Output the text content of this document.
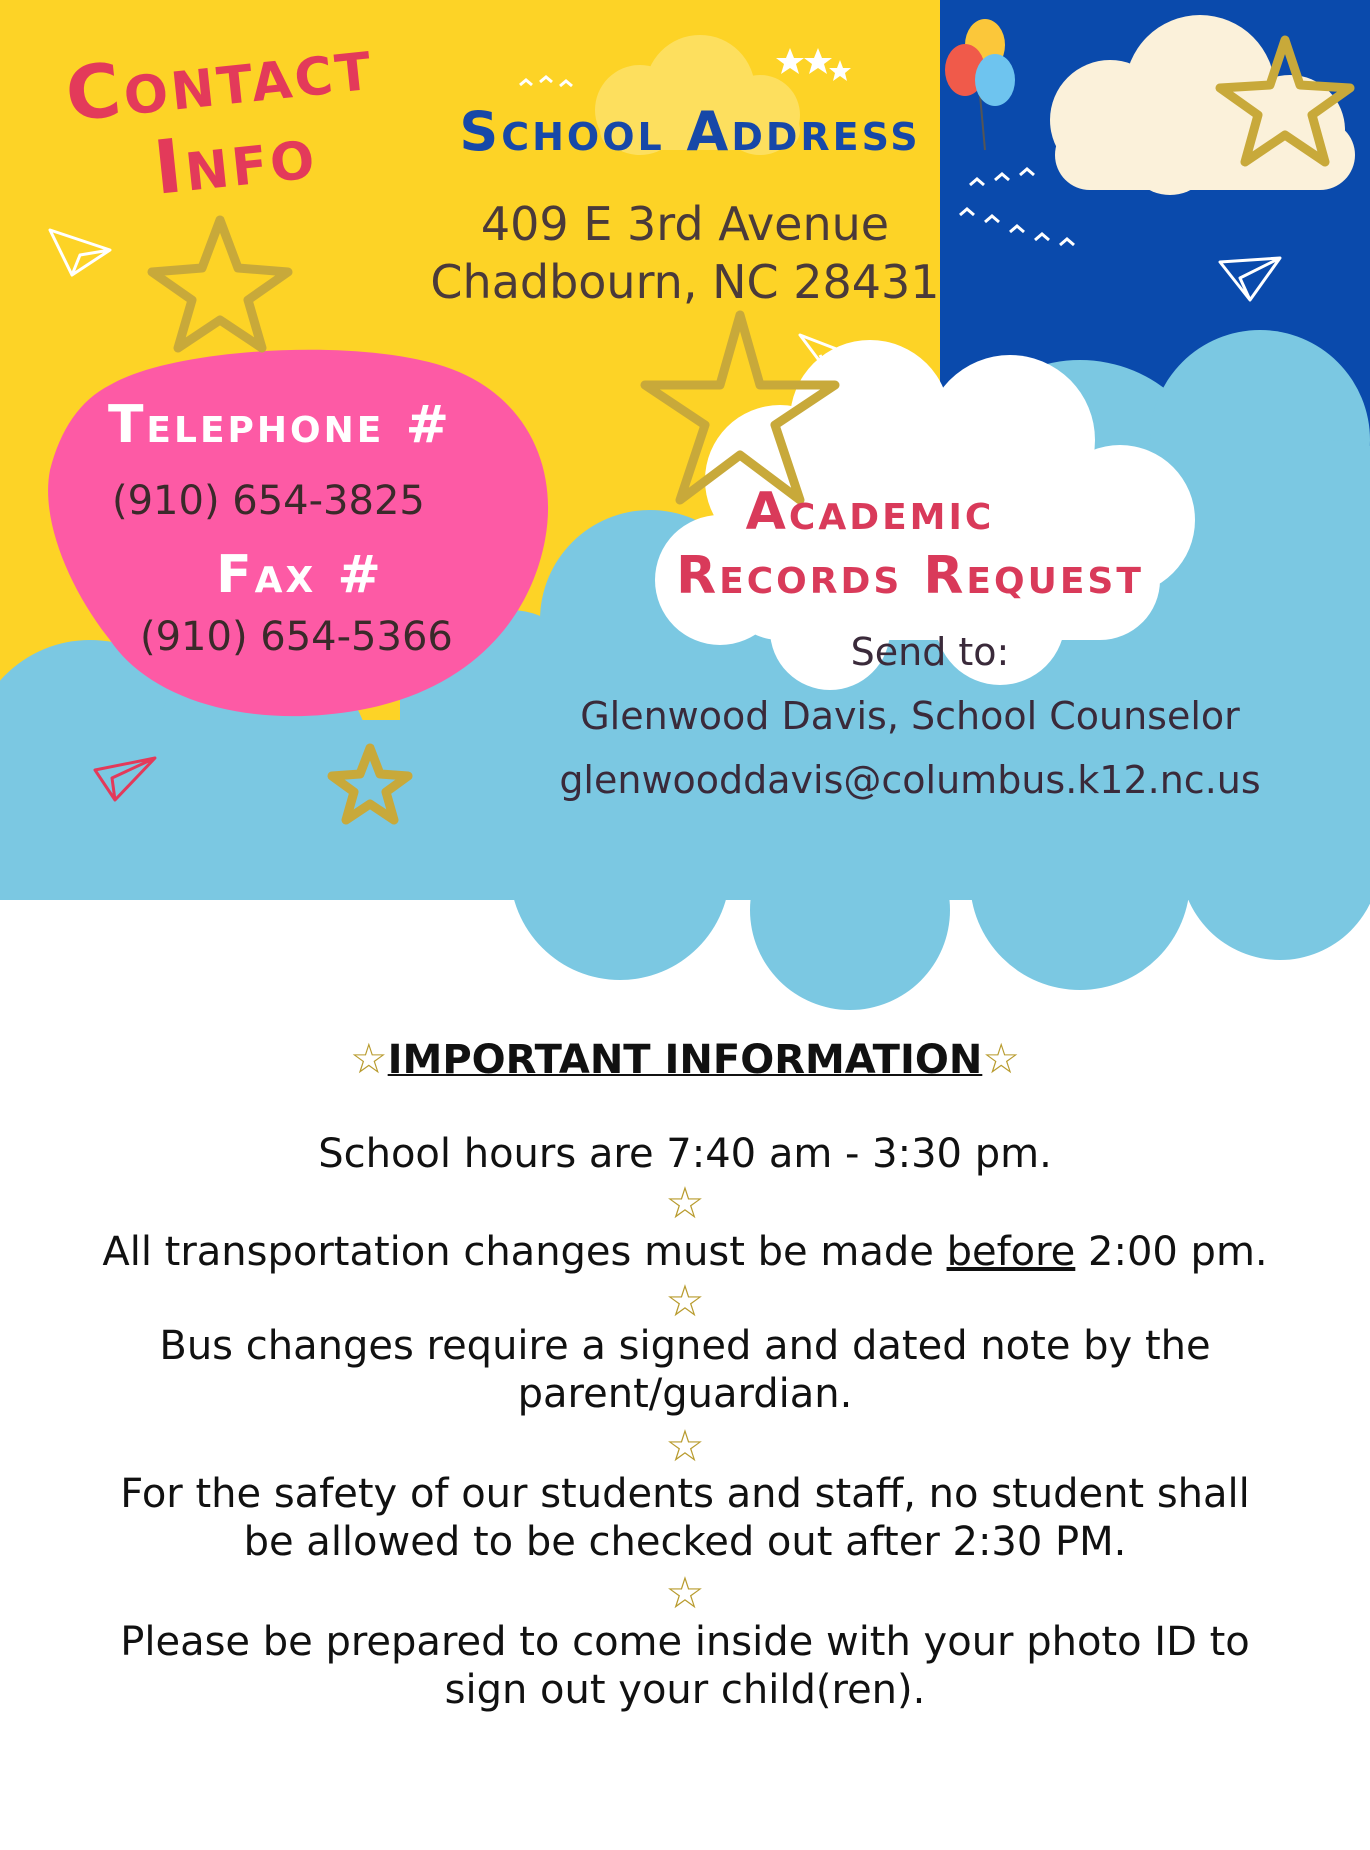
Contact
Info	School Address
409 E 3rd Avenue
Chadbourn, NC 28431
Telephone #
(910) 654-3825
Fax #
(910) 654-5366
Academic
Records Request
Send to:
Glenwood Davis, School Counselor
glenwooddavis@columbus.k12.nc.us
☆IMPORTANT INFORMATION☆
School hours are 7:40 am - 3:30 pm.
☆
All transportation changes must be made before 2:00 pm.
☆
Bus changes require a signed and dated note by the
parent/guardian.
☆
For the safety of our students and staff, no student shall
be allowed to be checked out after 2:30 PM.
☆
Please be prepared to come inside with your photo ID to
sign out your child(ren).
